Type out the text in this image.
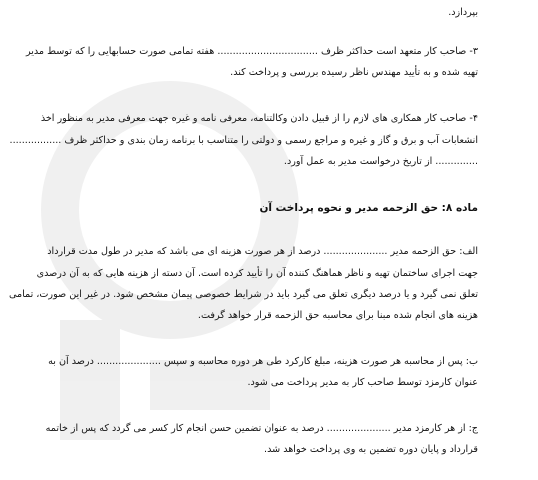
بپردازد.
۳- صاحب کار متعهد است حداکثر ظرف ................................. هفته تمامی صورت حسابهایی را که توسط مدیر
تهیه شده و به تأیید مهندس ناظر رسیده بررسی و پرداخت کند.
۴- صاحب کار همکاری های لازم را از قبیل دادن وکالتنامه، معرفی نامه و غیره جهت معرفی مدیر به منظور اخذ
انشعابات آب و برق و گاز و غیره و مراجع رسمی و دولتی را متناسب با برنامه زمان بندی و حداکثر ظرف .................
.............. از تاریخ درخواست مدیر به عمل آورد.
ماده ۸: حق الزحمه مدیر و نحوه پرداخت آن
الف: حق الزحمه مدیر ..................... درصد از هر صورت هزینه ای می باشد که مدیر در طول مدت قرارداد
جهت اجرای ساختمان تهیه و ناظر هماهنگ کننده آن را تأیید کرده است. آن دسته از هزینه هایی که به آن درصدی
تعلق نمی گیرد و یا درصد دیگری تعلق می گیرد باید در شرایط خصوصی پیمان مشخص شود. در غیر این صورت، تمامی
هزینه های انجام شده مبنا برای محاسبه حق الزحمه قرار خواهد گرفت.
ب: پس از محاسبه هر صورت هزینه، مبلغ کارکرد طی هر دوره محاسبه و سپس ..................... درصد آن به
عنوان کارمزد توسط صاحب کار به مدیر پرداخت می شود.
ج: از هر کارمزد مدیر ..................... درصد به عنوان تضمین حسن انجام کار کسر می گردد که پس از خاتمه
قرارداد و پایان دوره تضمین به وی پرداخت خواهد شد.
